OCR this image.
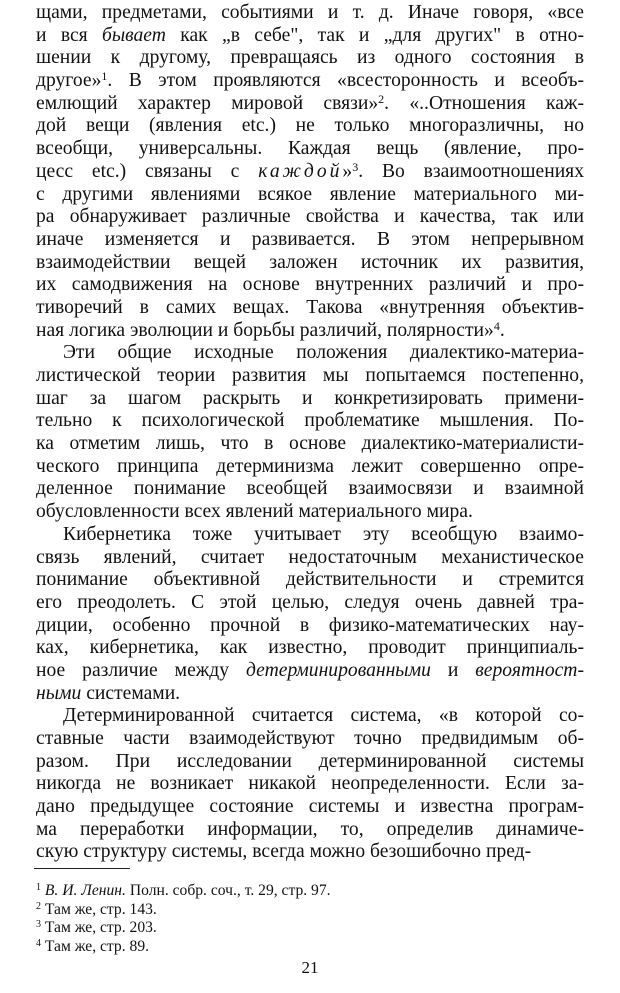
щами, предметами, событиями и т. д. Иначе говоря, «все
и вся бывает как „в себе", так и „для других" в отно-
шении к другому, превращаясь из одного состояния в
другое»$^1$. В этом проявляются «всесторонность и всеобъ-
емлющий характер мировой связи»$^2$. «..Отношения каж-
дой вещи (явления etc.) не только многоразличны, но
всеобщи, универсальны. Каждая вещь (явление, про-
цесс etc.) связаны с каждой»$^3$. Во взаимоотношениях
с другими явлениями всякое явление материального ми-
ра обнаруживает различные свойства и качества, так или
иначе изменяется и развивается. В этом непрерывном
взаимодействии вещей заложен источник их развития,
их самодвижения на основе внутренних различий и про-
тиворечий в самих вещах. Такова «внутренняя объектив-
ная логика эволюции и борьбы различий, полярности»$^4$.
Эти общие исходные положения диалектико-материа-
листической теории развития мы попытаемся постепенно,
шаг за шагом раскрыть и конкретизировать примени-
тельно к психологической проблематике мышления. По-
ка отметим лишь, что в основе диалектико-материалисти-
ческого принципа детерминизма лежит совершенно опре-
деленное понимание всеобщей взаимосвязи и взаимной
обусловленности всех явлений материального мира.
Кибернетика тоже учитывает эту всеобщую взаимо-
связь явлений, считает недостаточным механистическое
понимание объективной действительности и стремится
его преодолеть. С этой целью, следуя очень давней тра-
диции, особенно прочной в физико-математических нау-
ках, кибернетика, как известно, проводит принципиаль-
ное различие между детерминированными и вероятност-
ными системами.
Детерминированной считается система, «в которой со-
ставные части взаимодействуют точно предвидимым об-
разом. При исследовании детерминированной системы
никогда не возникает никакой неопределенности. Если за-
дано предыдущее состояние системы и известна програм-
ма переработки информации, то, определив динамиче-
скую структуру системы, всегда можно безошибочно пред-
$^1$ В. И. Ленин. Полн. собр. соч., т. 29, стр. 97.
$^2$ Там же, стр. 143.
$^3$ Там же, стр. 203.
$^4$ Там же, стр. 89.
21
